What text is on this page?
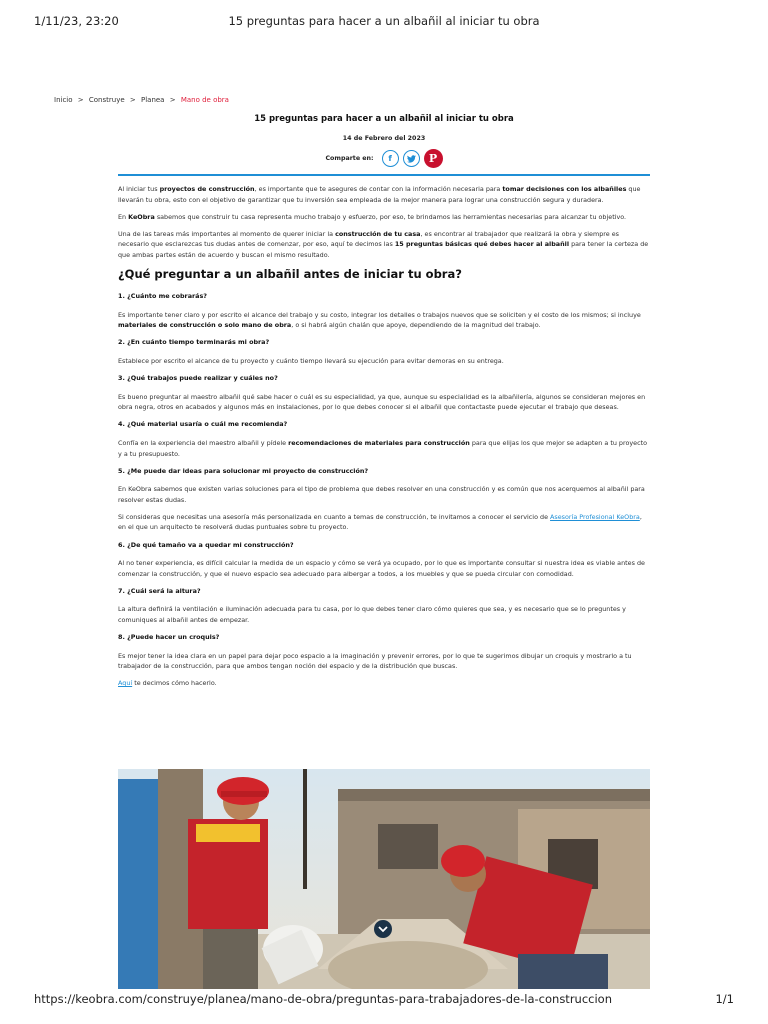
1/11/23, 23:20	15 preguntas para hacer a un albañil al iniciar tu obra
Inicio > Construye > Planea > Mano de obra
15 preguntas para hacer a un albañil al iniciar tu obra
14 de Febrero del 2023
Comparte en:	f	P

Al iniciar tus proyectos de construcción, es importante que te asegures de contar con la información necesaria para tomar decisiones con los albañiles que llevarán tu obra, esto con el objetivo de garantizar que tu inversión sea empleada de la mejor manera para lograr una construcción segura y duradera.

En KeObra sabemos que construir tu casa representa mucho trabajo y esfuerzo, por eso, te brindamos las herramientas necesarias para alcanzar tu objetivo.

Una de las tareas más importantes al momento de querer iniciar la construcción de tu casa, es encontrar al trabajador que realizará la obra y siempre es necesario que esclarezcas tus dudas antes de comenzar, por eso, aquí te decimos las 15 preguntas básicas qué debes hacer al albañil para tener la certeza de que ambas partes están de acuerdo y buscan el mismo resultado.

¿Qué preguntar a un albañil antes de iniciar tu obra?
1. ¿Cuánto me cobrarás?

Es importante tener claro y por escrito el alcance del trabajo y su costo, integrar los detalles o trabajos nuevos que se soliciten y el costo de los mismos; si incluye materiales de construcción o solo mano de obra, o si habrá algún chalán que apoye, dependiendo de la magnitud del trabajo.

2. ¿En cuánto tiempo terminarás mi obra?

Establece por escrito el alcance de tu proyecto y cuánto tiempo llevará su ejecución para evitar demoras en su entrega.

3. ¿Qué trabajos puede realizar y cuáles no?

Es bueno preguntar al maestro albañil qué sabe hacer o cuál es su especialidad, ya que, aunque su especialidad es la albañilería, algunos se consideran mejores en obra negra, otros en acabados y algunos más en instalaciones, por lo que debes conocer si el albañil que contactaste puede ejecutar el trabajo que deseas.

4. ¿Qué material usaría o cuál me recomienda?

Confía en la experiencia del maestro albañil y pídele recomendaciones de materiales para construcción para que elijas los que mejor se adapten a tu proyecto y a tu presupuesto.

5. ¿Me puede dar ideas para solucionar mi proyecto de construcción?

En KeObra sabemos que existen varias soluciones para el tipo de problema que debes resolver en una construcción y es común que nos acerquemos al albañil para resolver estas dudas.

Si consideras que necesitas una asesoría más personalizada en cuanto a temas de construcción, te invitamos a conocer el servicio de Asesoría Profesional KeObra, en el que un arquitecto te resolverá dudas puntuales sobre tu proyecto.

6. ¿De qué tamaño va a quedar mi construcción?

Al no tener experiencia, es difícil calcular la medida de un espacio y cómo se verá ya ocupado, por lo que es importante consultar si nuestra idea es viable antes de comenzar la construcción, y que el nuevo espacio sea adecuado para albergar a todos, a los muebles y que se pueda circular con comodidad.

7. ¿Cuál será la altura?

La altura definirá la ventilación e iluminación adecuada para tu casa, por lo que debes tener claro cómo quieres que sea, y es necesario que se lo preguntes y comuniques al albañil antes de empezar.

8. ¿Puede hacer un croquis?

Es mejor tener la idea clara en un papel para dejar poco espacio a la imaginación y prevenir errores, por lo que te sugerimos dibujar un croquis y mostrarlo a tu trabajador de la construcción, para que ambos tengan noción del espacio y de la distribución que buscas.

Aquí te decimos cómo hacerlo.

https://keobra.com/construye/planea/mano-de-obra/preguntas-para-trabajadores-de-la-construccion	1/1
